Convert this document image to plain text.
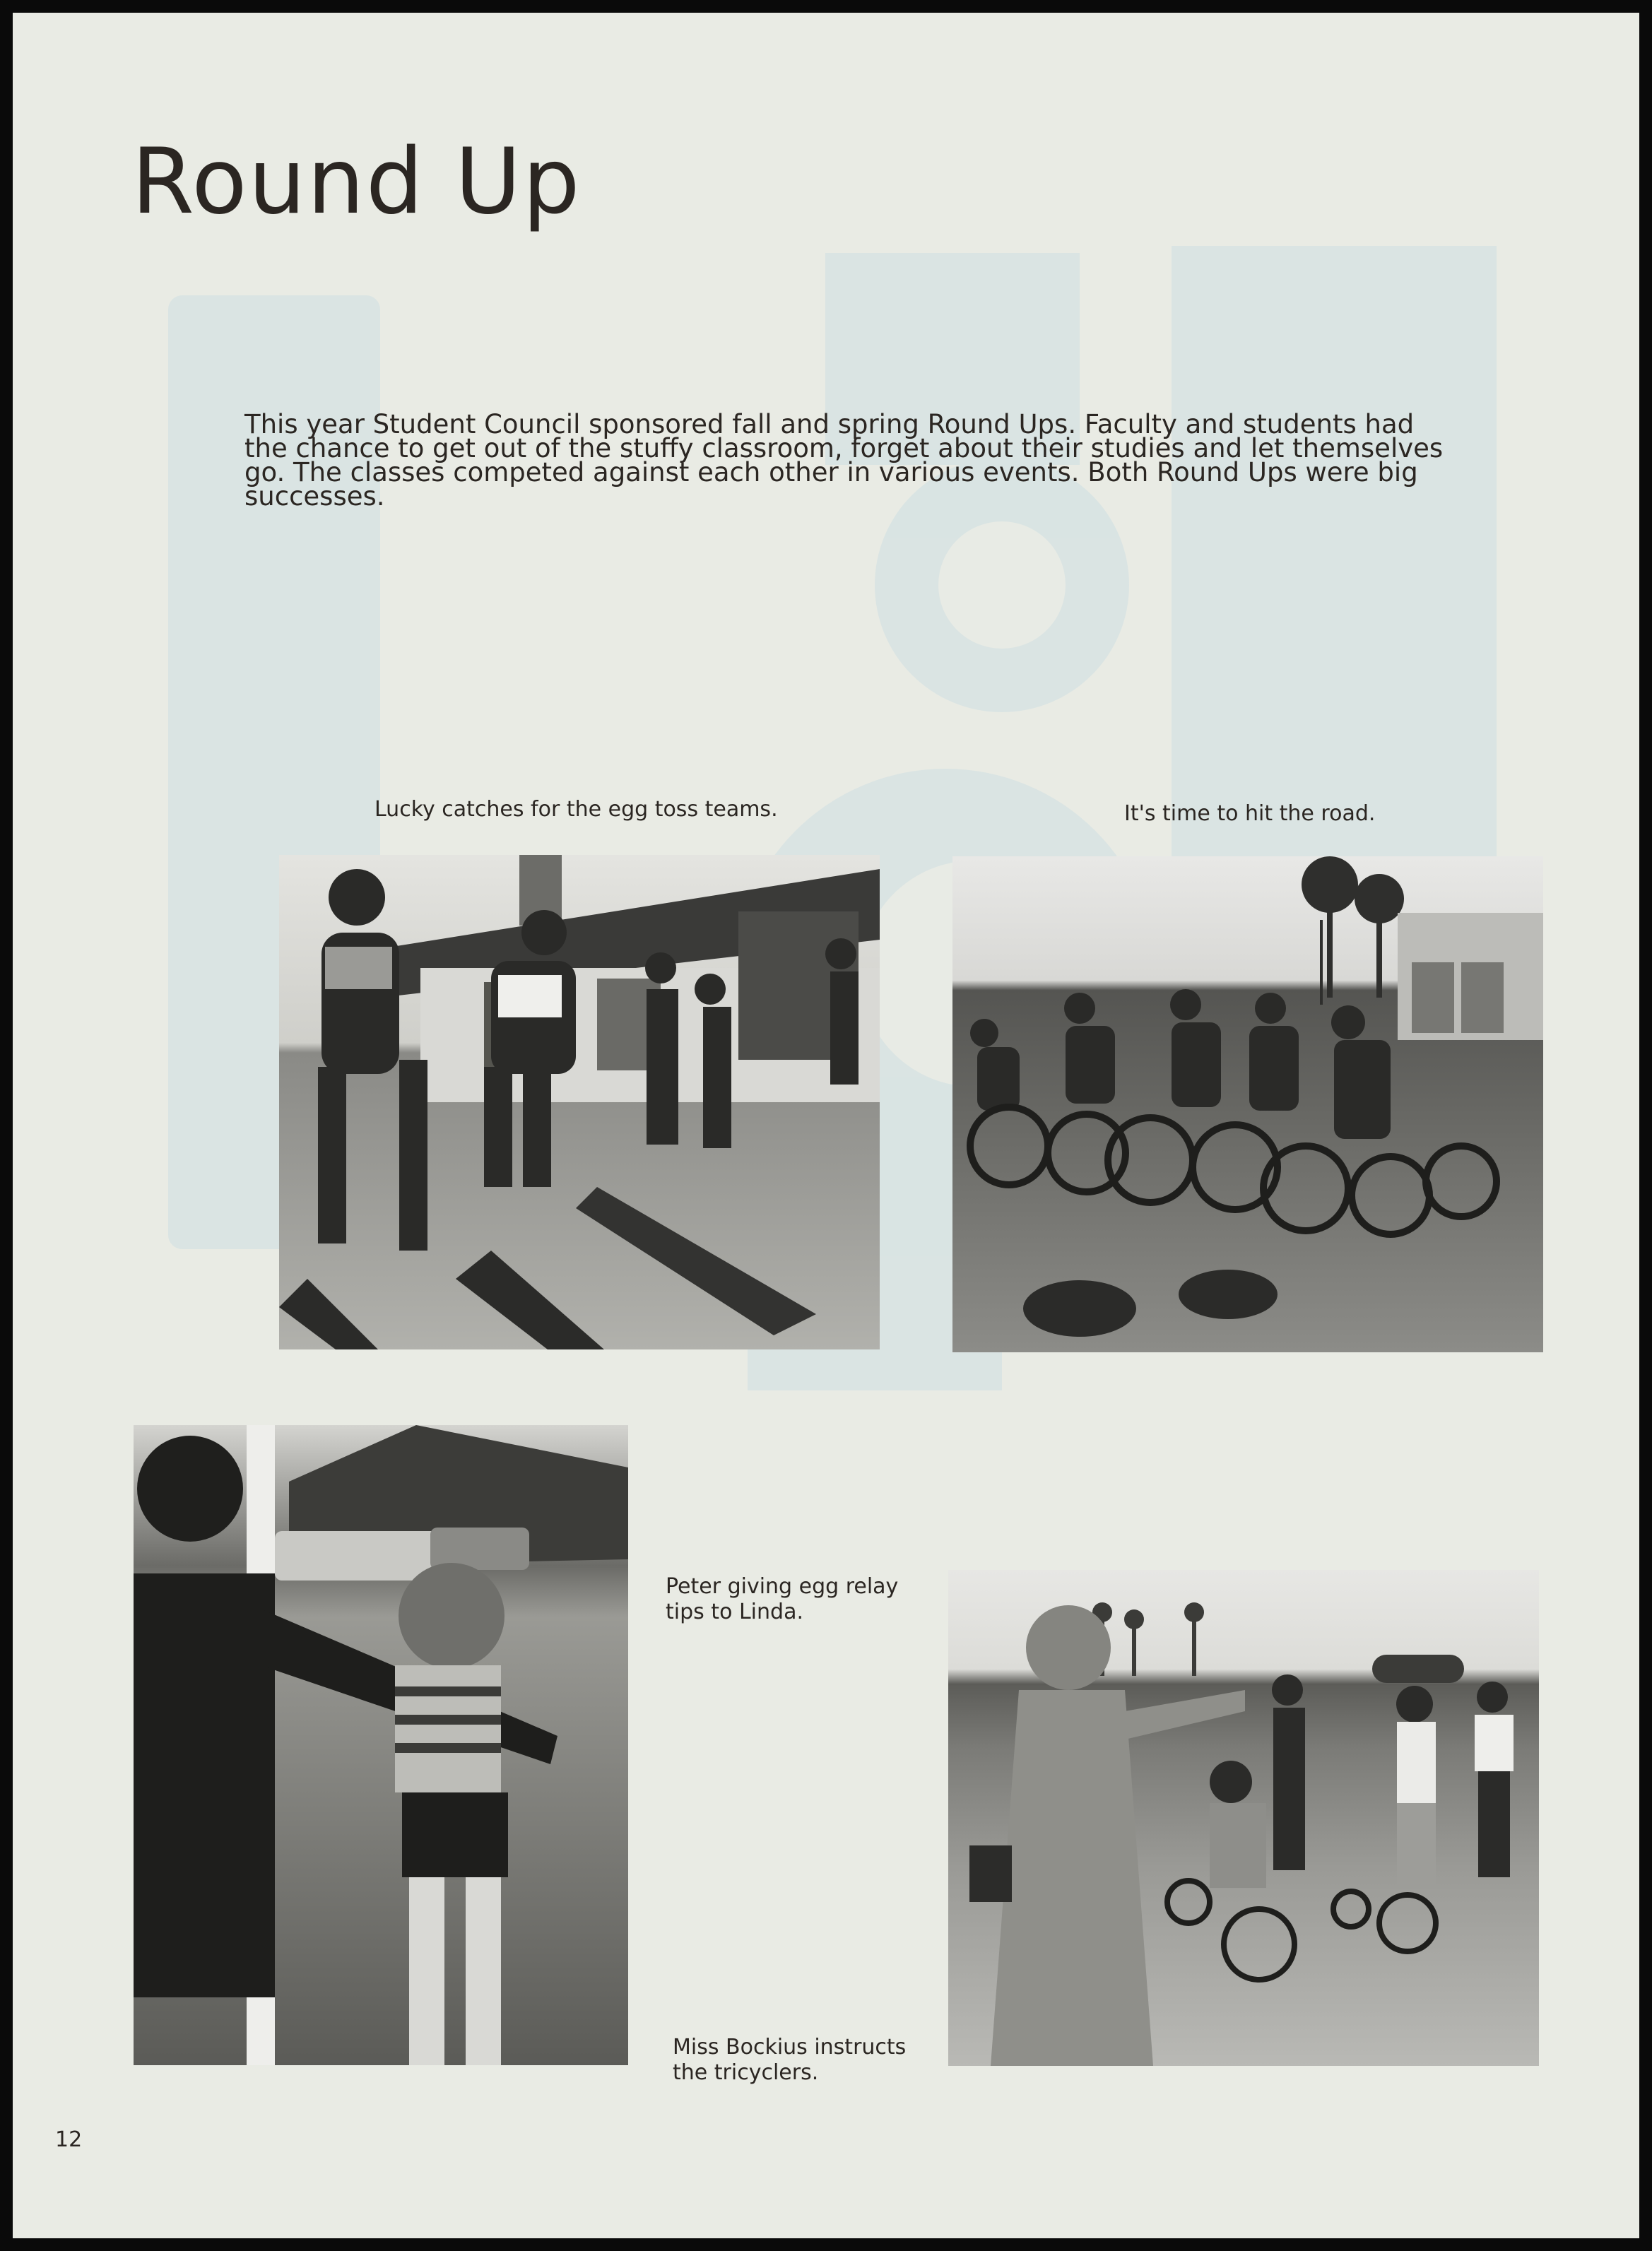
Round Up

This year Student Council sponsored fall and spring Round Ups. Faculty and students had the chance to get out of the stuffy classroom, forget about their studies and let themselves go. The classes competed against each other in various events. Both Round Ups were big successes.

Lucky catches for the egg toss teams.	It's time to hit the road.

Peter giving egg relay tips to Linda.

Miss Bockius instructs the tricyclers.

12
